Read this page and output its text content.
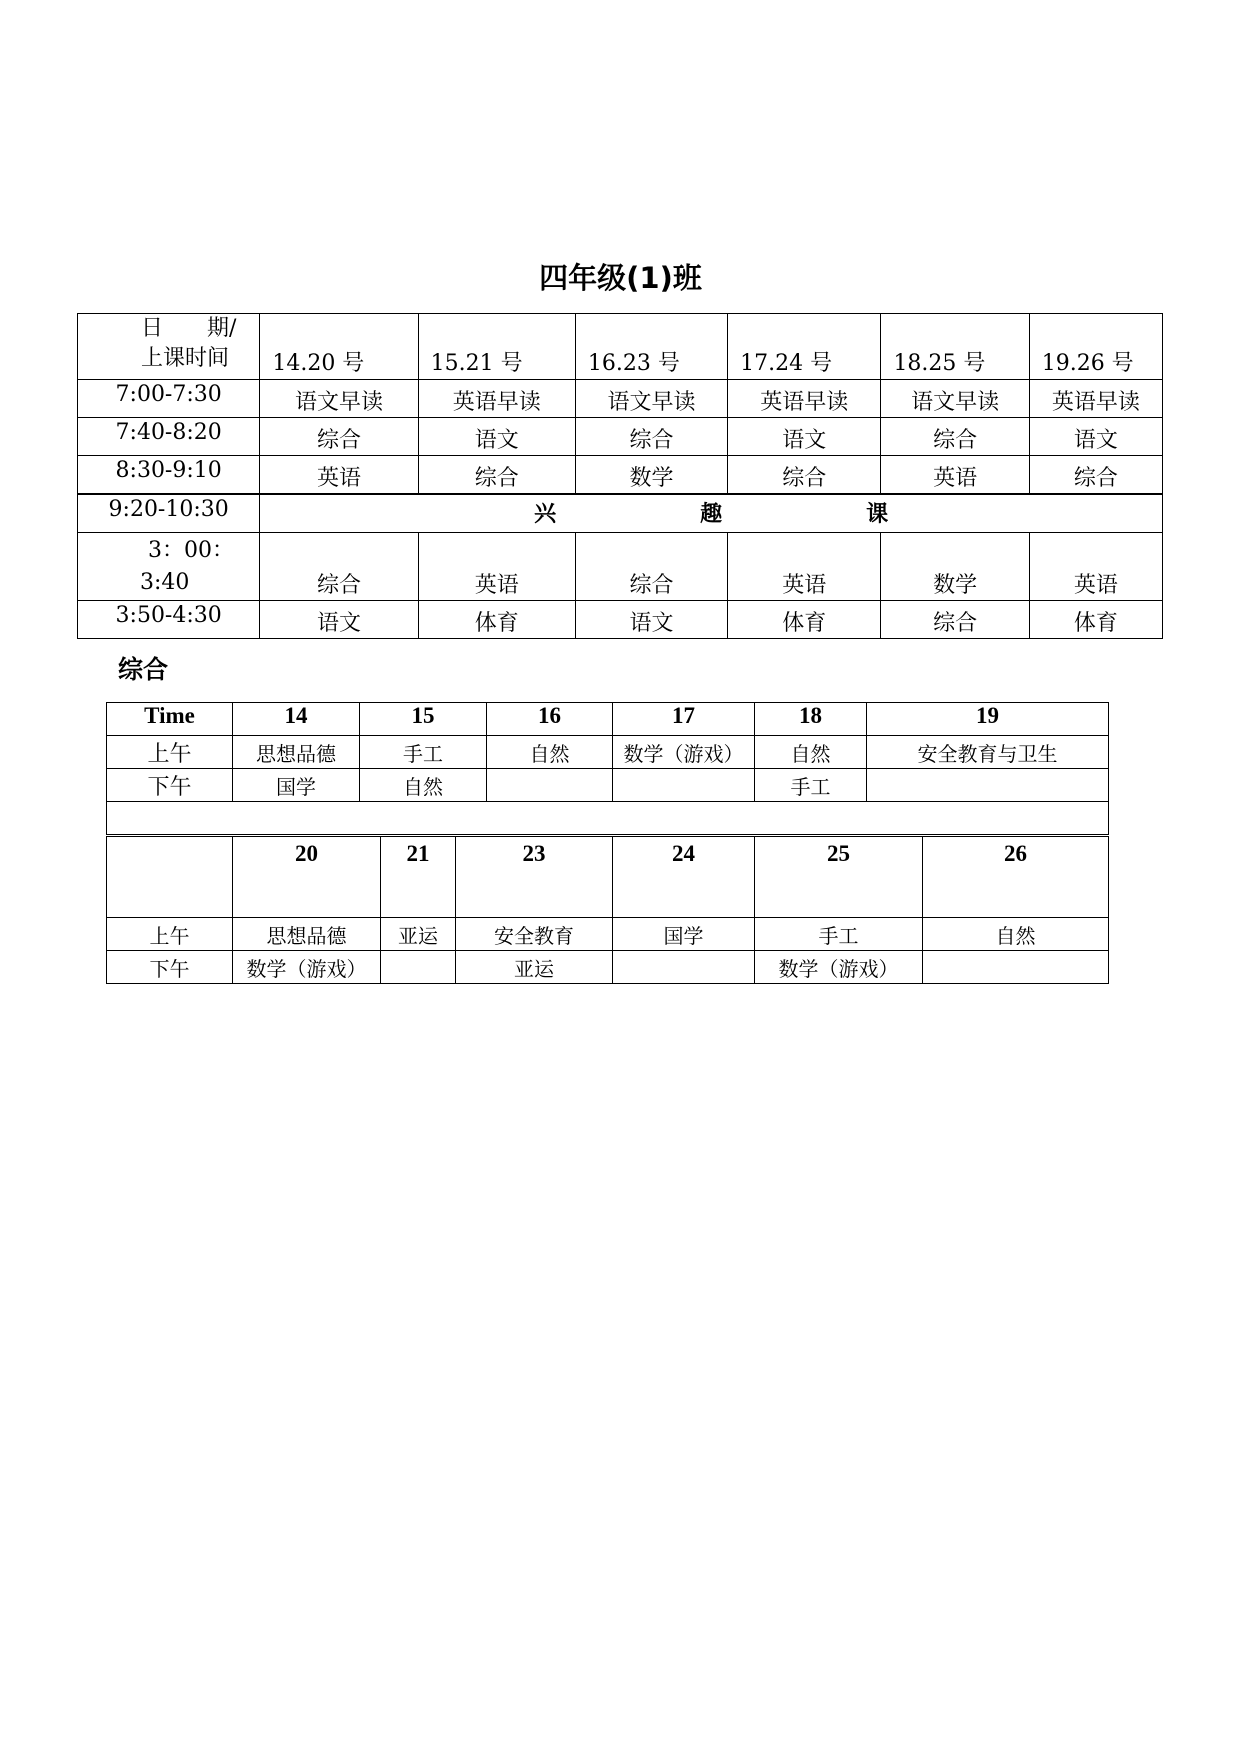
四年级(1)班
日　　期/
上课时间	14.20 号	15.21 号	16.23 号	17.24 号	18.25 号	19.26 号
7:00-7:30	语文早读	英语早读	语文早读	英语早读	语文早读	英语早读
7:40-8:20	综合	语文	综合	语文	综合	语文
8:30-9:10	英语	综合	数学	综合	英语	综合
9:20-10:30	兴 趣 课					

3：00：
3:40	综合	英语	综合	英语	数学	英语
3:50-4:30	语文	体育	语文	体育	综合	体育
综合
Time	14	15	16	17	18	19
上午	思想品德	手工	自然	数学（游戏）	自然	安全教育与卫生
下午	国学	自然			手工	

	20	21	23	24	25	26
上午	思想品德	亚运	安全教育	国学	手工	自然
下午	数学（游戏）		亚运		数学（游戏）	
